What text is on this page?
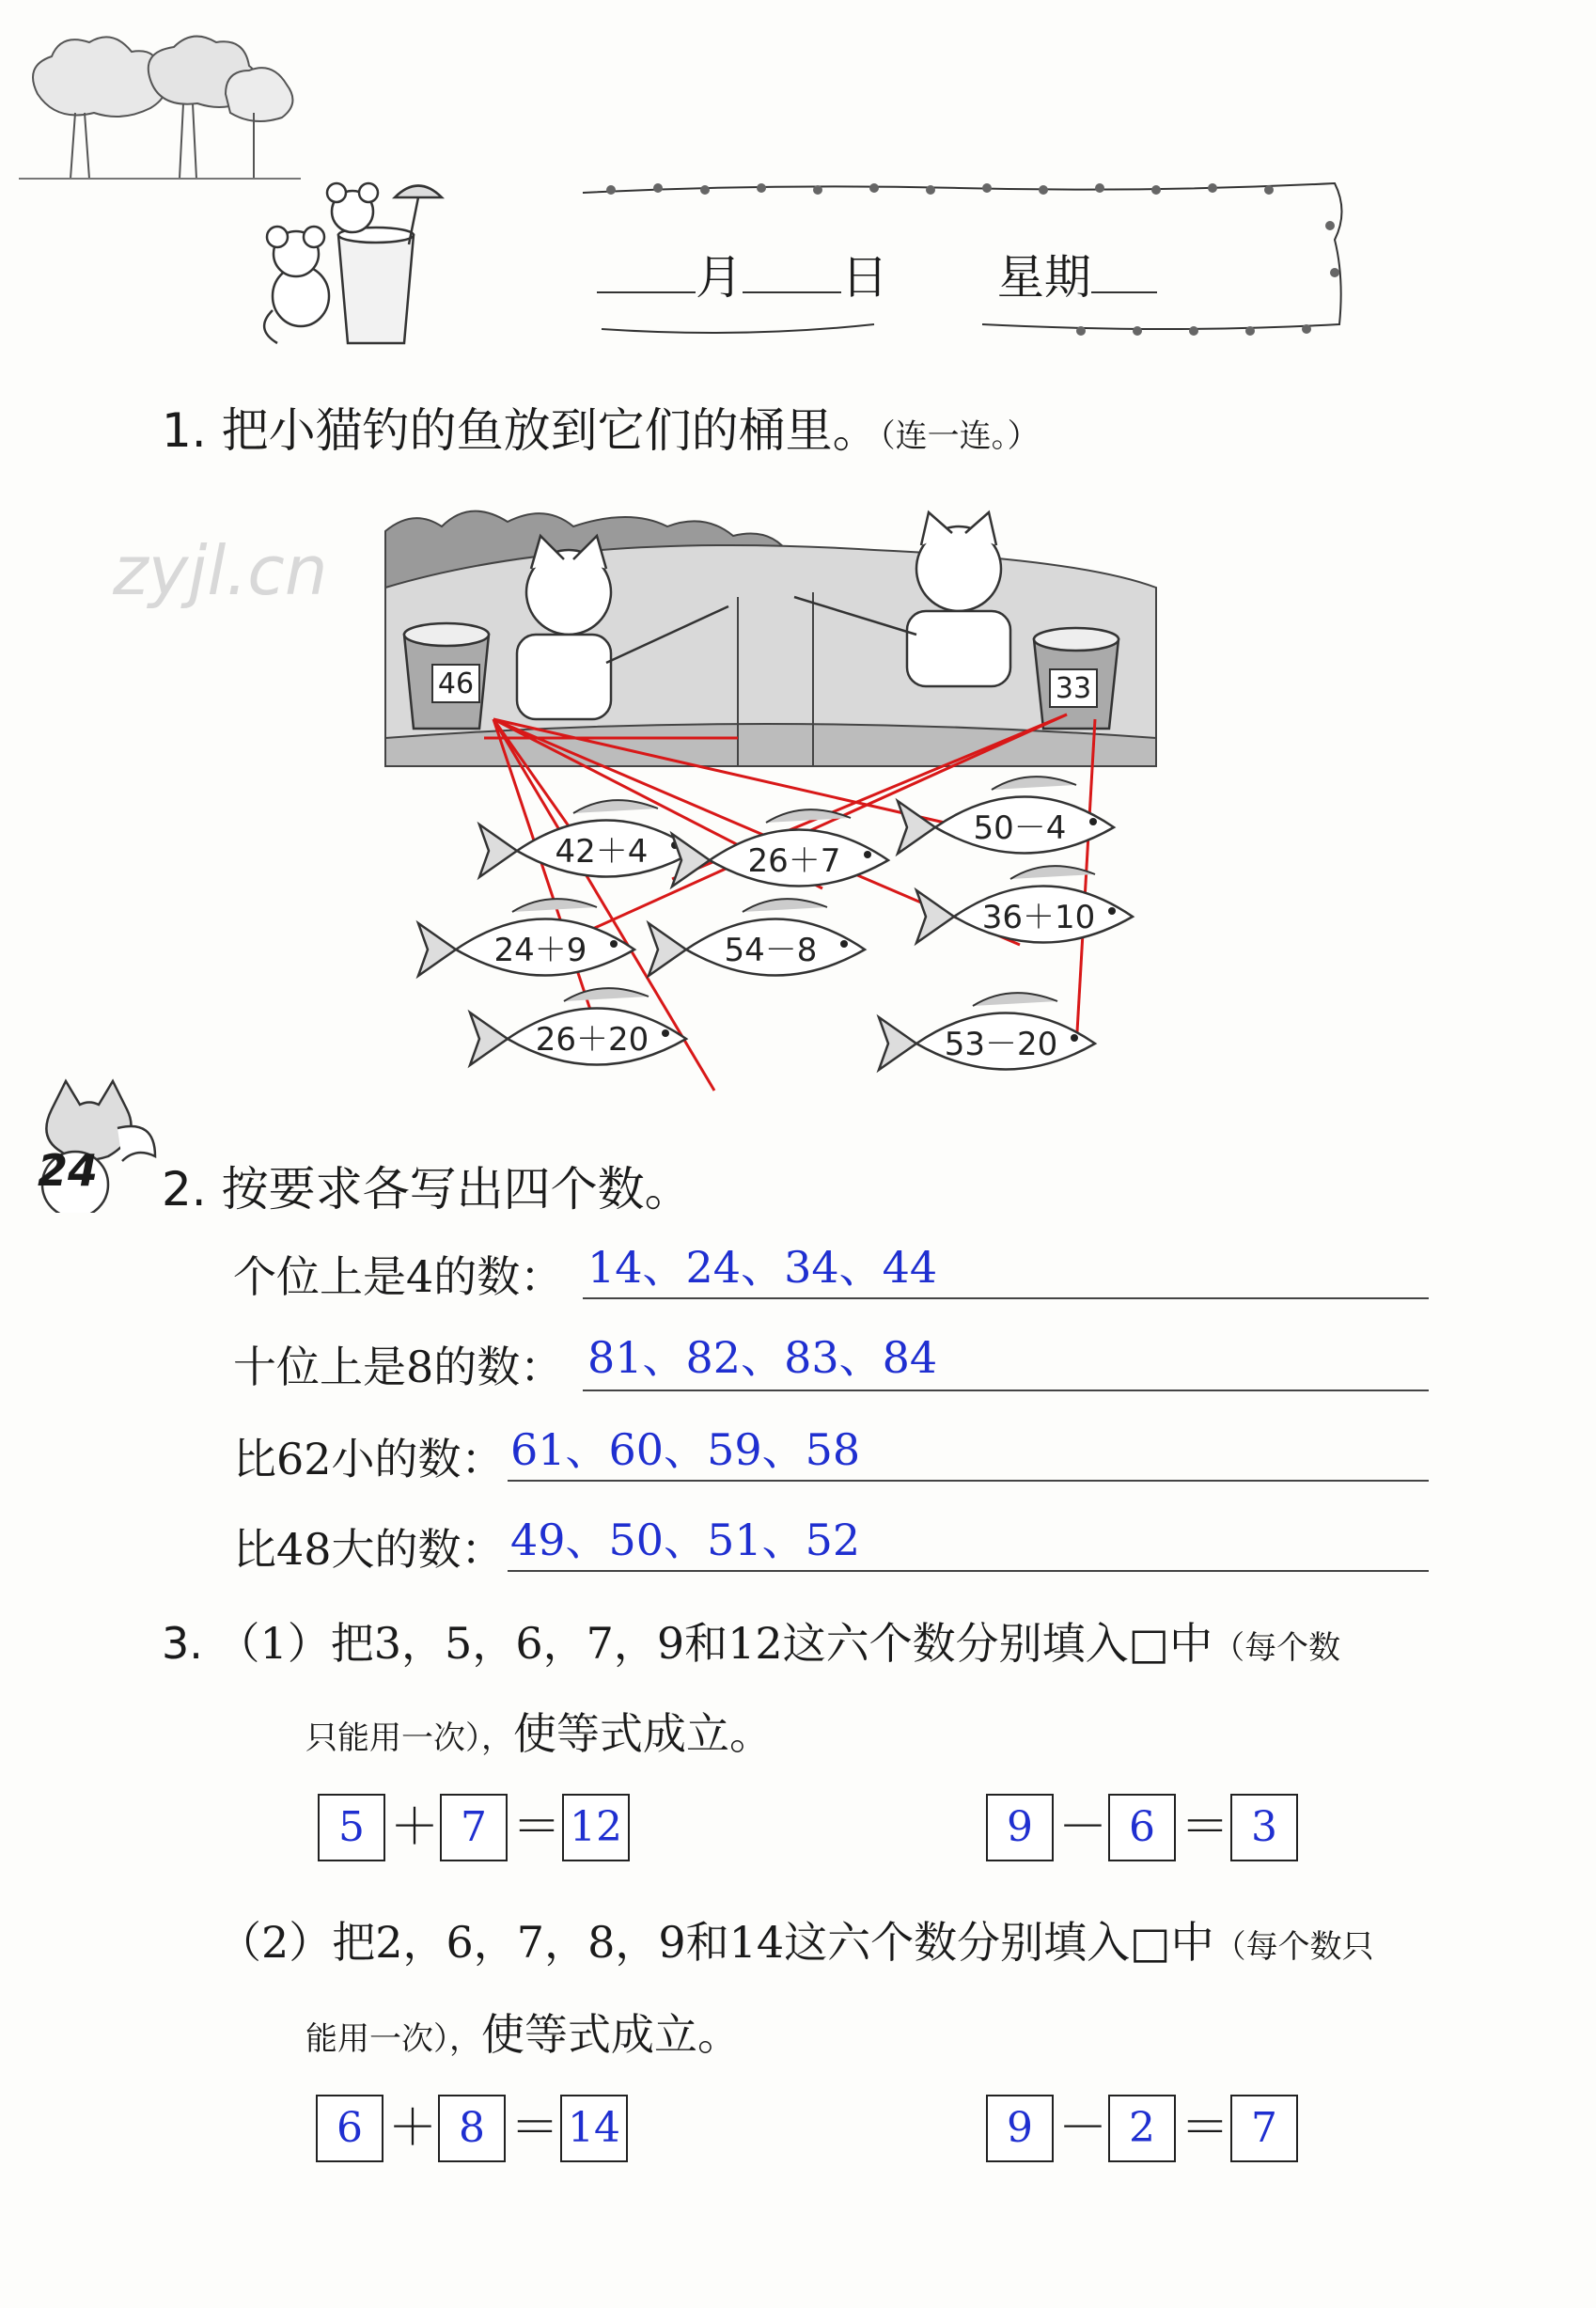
月 日 星期
1. 把小猫钓的鱼放到它们的桶里。（连一连。）
zyjl.cn
46	33
42＋4	26＋7
50－4
24＋9	54－8
36＋10
26＋20	53－20
24 2. 按要求各写出四个数。
个位上是4的数： 14、24、34、44
十位上是8的数： 81、82、83、84
比62小的数： 61、60、59、58
比48大的数： 49、50、51、52
3. （1）把3，5，6，7，9和12这六个数分别填入□中（每个数
只能用一次），使等式成立。
5 ＋ 7 ＝ 12	9 － 6 ＝ 3
（2）把2，6，7，8，9和14这六个数分别填入□中（每个数只
能用一次），使等式成立。
6 ＋ 8 ＝ 14	9 － 2 ＝ 7
